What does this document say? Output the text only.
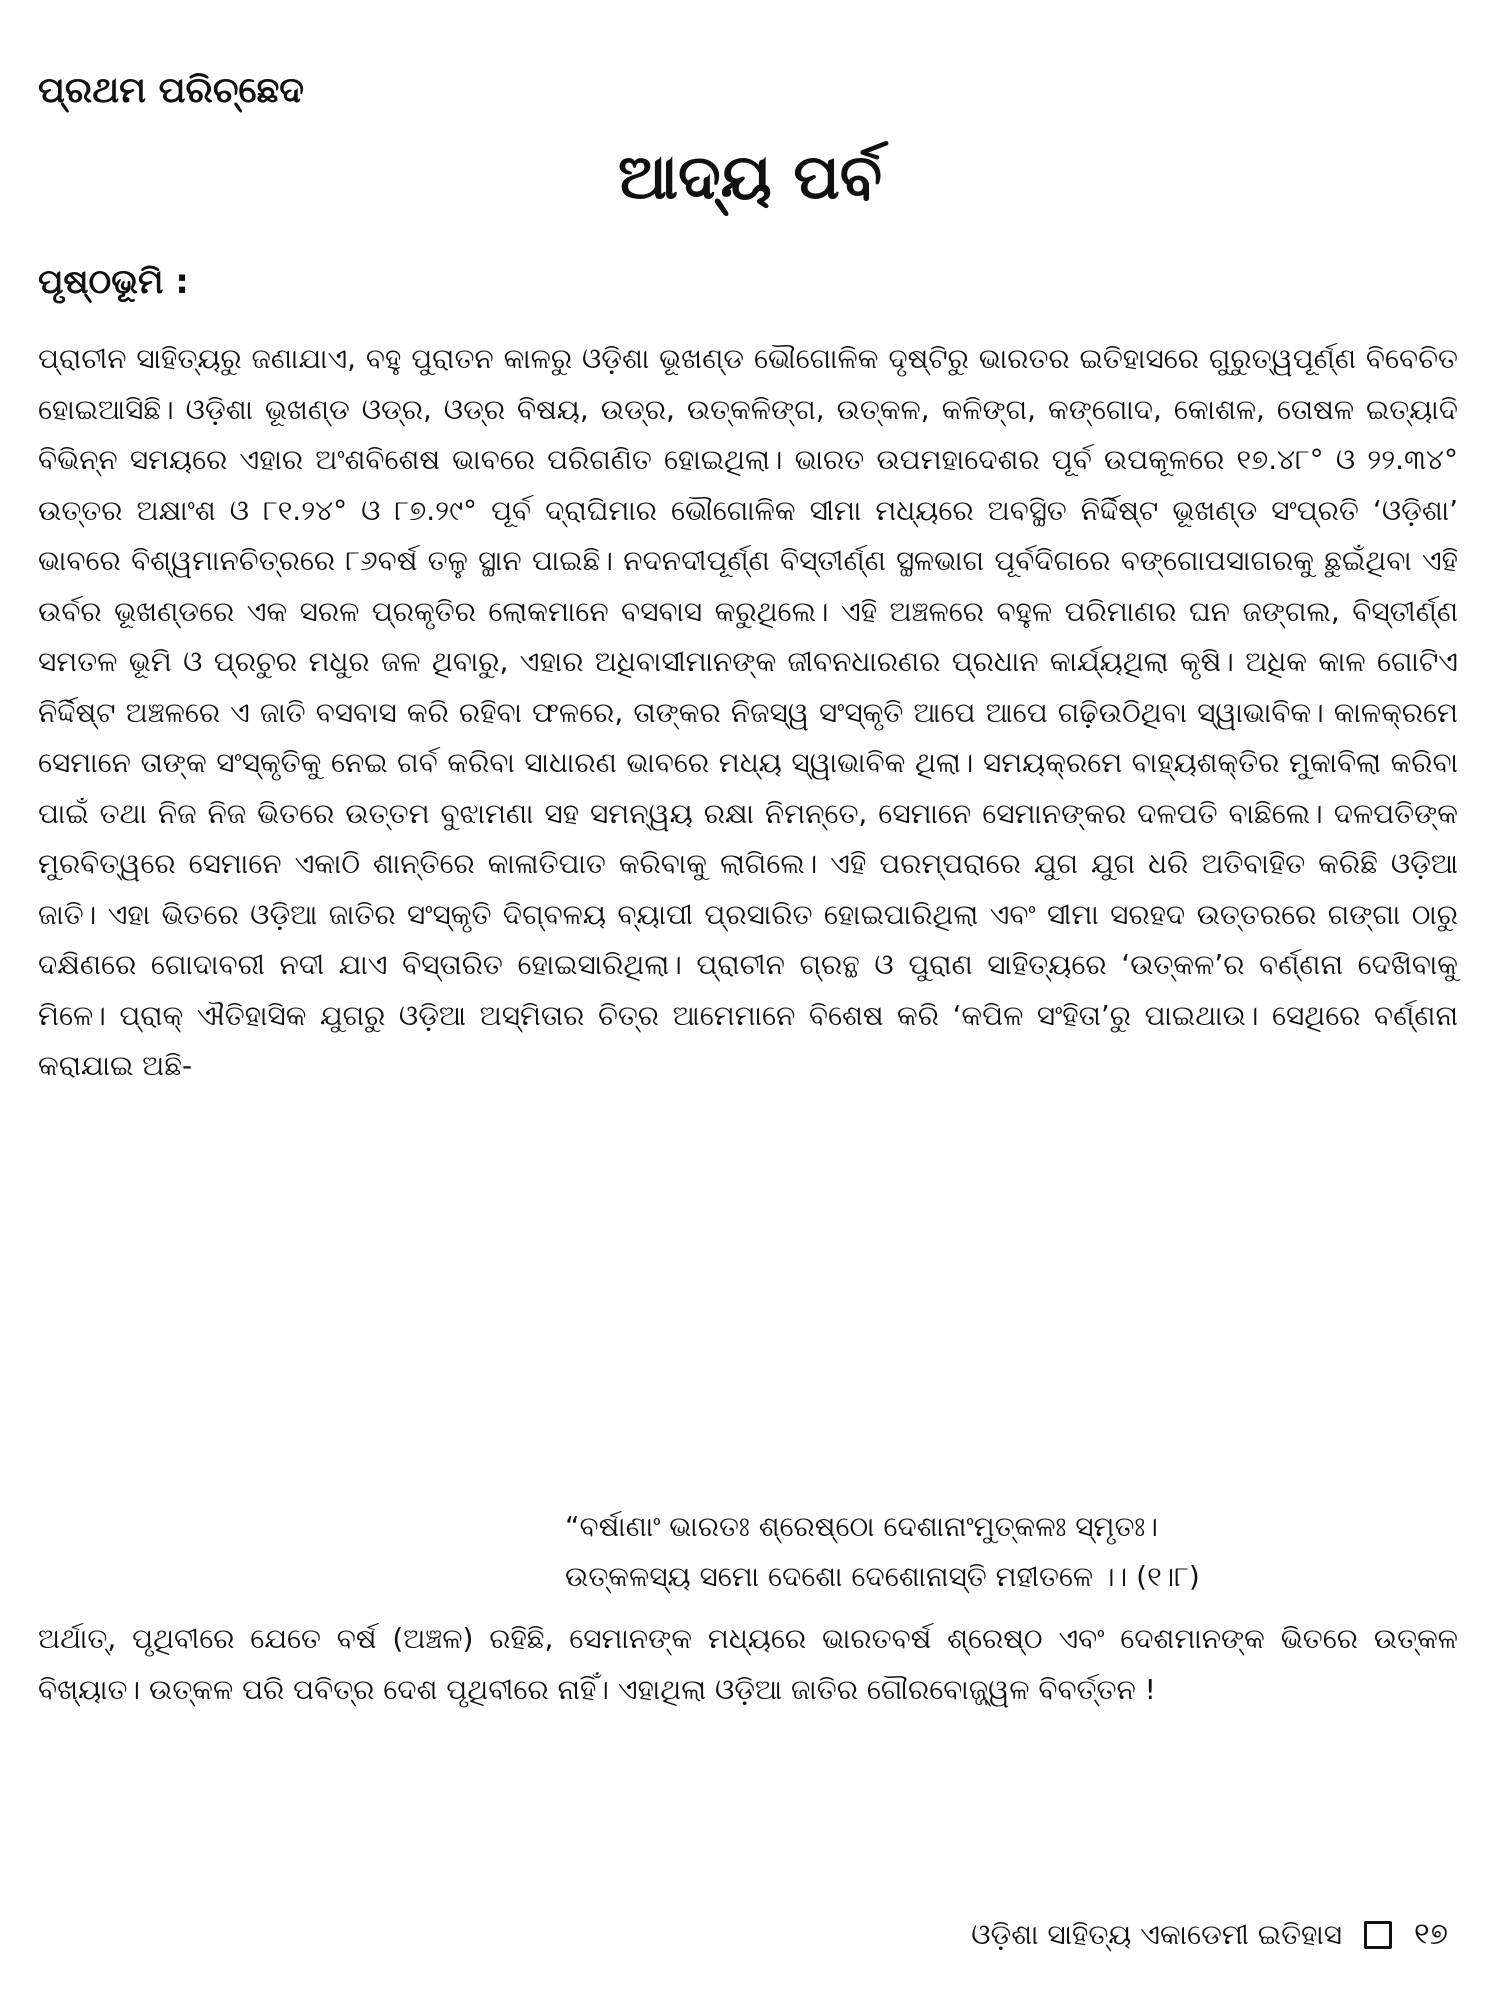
ପ୍ରଥମ ପରିଚ୍ଛେଦ
ଆଦ୍ୟ ପର୍ବ
ପୃଷ୍ଠଭୂମି :

ପ୍ରାଚୀନ ସାହିତ୍ୟରୁ ଜଣାଯାଏ, ବହୁ ପୁରାତନ କାଳରୁ ଓଡ଼ିଶା ଭୂଖଣ୍ଡ ଭୌଗୋଳିକ ଦୃଷ୍ଟିରୁ ଭାରତର ଇତିହାସରେ ଗୁରୁତ୍ୱପୂର୍ଣ୍ଣ ବିବେଚିତ ହୋଇଆସିଛି। ଓଡ଼ିଶା ଭୂଖଣ୍ଡ ଓଡ୍ର, ଓଡ୍ର ବିଷୟ, ଉଡ୍ର, ଉତ୍କଳିଙ୍ଗ, ଉତ୍କଳ, କଳିଙ୍ଗ, କଙ୍ଗୋଦ, କୋଶଳ, ତୋଷଳ ଇତ୍ୟାଦି ବିଭିନ୍ନ ସମୟରେ ଏହାର ଅଂଶବିଶେଷ ଭାବରେ ପରିଗଣିତ ହୋଇଥିଲା। ଭାରତ ଉପମହାଦେଶର ପୂର୍ବ ଉପକୂଳରେ ୧୭.୪୮° ଓ ୨୨.୩୪° ଉତ୍ତର ଅକ୍ଷାଂଶ ଓ ୮୧.୨୪° ଓ ୮୭.୨୯° ପୂର୍ବ ଦ୍ରାଘିମାର ଭୌଗୋଳିକ ସୀମା ମଧ୍ୟରେ ଅବସ୍ଥିତ ନିର୍ଦ୍ଦିଷ୍ଟ ଭୂଖଣ୍ଡ ସଂପ୍ରତି ‘ଓଡ଼ିଶା’ ଭାବରେ ବିଶ୍ୱମାନଚିତ୍ରରେ ୮୬ବର୍ଷ ତଳୁ ସ୍ଥାନ ପାଇଛି। ନଦନଦୀପୂର୍ଣ୍ଣ ବିସ୍ତୀର୍ଣ୍ଣ ସ୍ଥଳଭାଗ ପୂର୍ବଦିଗରେ ବଙ୍ଗୋପସାଗରକୁ ଛୁଇଁଥିବା ଏହି ଉର୍ବର ଭୂଖଣ୍ଡରେ ଏକ ସରଳ ପ୍ରକୃତିର ଲୋକମାନେ ବସବାସ କରୁଥିଲେ। ଏହି ଅଞ୍ଚଳରେ ବହୁଳ ପରିମାଣର ଘନ ଜଙ୍ଗଲ, ବିସ୍ତୀର୍ଣ୍ଣ ସମତଳ ଭୂମି ଓ ପ୍ରଚୁର ମଧୁର ଜଳ ଥିବାରୁ, ଏହାର ଅଧିବାସୀମାନଙ୍କ ଜୀବନଧାରଣର ପ୍ରଧାନ କାର୍ଯ୍ୟଥିଲା କୃଷି। ଅଧିକ କାଳ ଗୋଟିଏ ନିର୍ଦ୍ଦିଷ୍ଟ ଅଞ୍ଚଳରେ ଏ ଜାତି ବସବାସ କରି ରହିବା ଫଳରେ, ତାଙ୍କର ନିଜସ୍ୱ ସଂସ୍କୃତି ଆପେ ଆପେ ଗଢ଼ିଉଠିଥିବା ସ୍ୱାଭାବିକ। କାଳକ୍ରମେ ସେମାନେ ତାଙ୍କ ସଂସ୍କୃତିକୁ ନେଇ ଗର୍ବ କରିବା ସାଧାରଣ ଭାବରେ ମଧ୍ୟ ସ୍ୱାଭାବିକ ଥିଲା। ସମୟକ୍ରମେ ବାହ୍ୟଶକ୍ତିର ମୁକାବିଲା କରିବା ପାଇଁ ତଥା ନିଜ ନିଜ ଭିତରେ ଉତ୍ତମ ବୁଝାମଣା ସହ ସମନ୍ୱୟ ରକ୍ଷା ନିମନ୍ତେ, ସେମାନେ ସେମାନଙ୍କର ଦଳପତି ବାଛିଲେ। ଦଳପତିଙ୍କ ମୁରବିତ୍ୱରେ ସେମାନେ ଏକାଠି ଶାନ୍ତିରେ କାଳାତିପାତ କରିବାକୁ ଲାଗିଲେ। ଏହି ପରମ୍ପରାରେ ଯୁଗ ଯୁଗ ଧରି ଅତିବାହିତ କରିଛି ଓଡ଼ିଆ ଜାତି। ଏହା ଭିତରେ ଓଡ଼ିଆ ଜାତିର ସଂସ୍କୃତି ଦିଗ୍‌ବଳୟ ବ୍ୟାପୀ ପ୍ରସାରିତ ହୋଇପାରିଥିଲା ଏବଂ ସୀମା ସରହଦ ଉତ୍ତରରେ ଗଙ୍ଗା ଠାରୁ ଦକ୍ଷିଣରେ ଗୋଦାବରୀ ନଦୀ ଯାଏ ବିସ୍ତାରିତ ହୋଇସାରିଥିଲା। ପ୍ରାଚୀନ ଗ୍ରନ୍ଥ ଓ ପୁରାଣ ସାହିତ୍ୟରେ ‘ଉତ୍କଳ’ର ବର୍ଣ୍ଣନା ଦେଖିବାକୁ ମିଳେ। ପ୍ରାକ୍ ଐତିହାସିକ ଯୁଗରୁ ଓଡ଼ିଆ ଅସ୍ମିତାର ଚିତ୍ର ଆମେମାନେ ବିଶେଷ କରି ‘କପିଳ ସଂହିତା’ରୁ ପାଇଥାଉ। ସେଥିରେ ବର୍ଣ୍ଣନା କରାଯାଇ ଅଛି-

“ବର୍ଷାଣାଂ ଭାରତଃ ଶ୍ରେଷ୍ଠୋ ଦେଶାନାଂମୁତ୍କଳଃ ସ୍ମୃତଃ।
ଉତ୍କଳସ୍ୟ ସମୋ ଦେଶୋ ଦେଶୋନାସ୍ତି ମହୀତଳେ ।। (୧।୮)

ଅର୍ଥାତ୍, ପୃଥିବୀରେ ଯେତେ ବର୍ଷ (ଅଞ୍ଚଳ) ରହିଛି, ସେମାନଙ୍କ ମଧ୍ୟରେ ଭାରତବର୍ଷ ଶ୍ରେଷ୍ଠ ଏବଂ ଦେଶମାନଙ୍କ ଭିତରେ ଉତ୍କଳ ବିଖ୍ୟାତ। ଉତ୍କଳ ପରି ପବିତ୍ର ଦେଶ ପୃଥିବୀରେ ନାହିଁ। ଏହାଥିଲା ଓଡ଼ିଆ ଜାତିର ଗୌରବୋଜ୍ଜ୍ୱଳ ବିବର୍ତ୍ତନ !

ଓଡ଼ିଶା ସାହିତ୍ୟ ଏକାଡେମୀ ଇତିହାସ ୧୭
